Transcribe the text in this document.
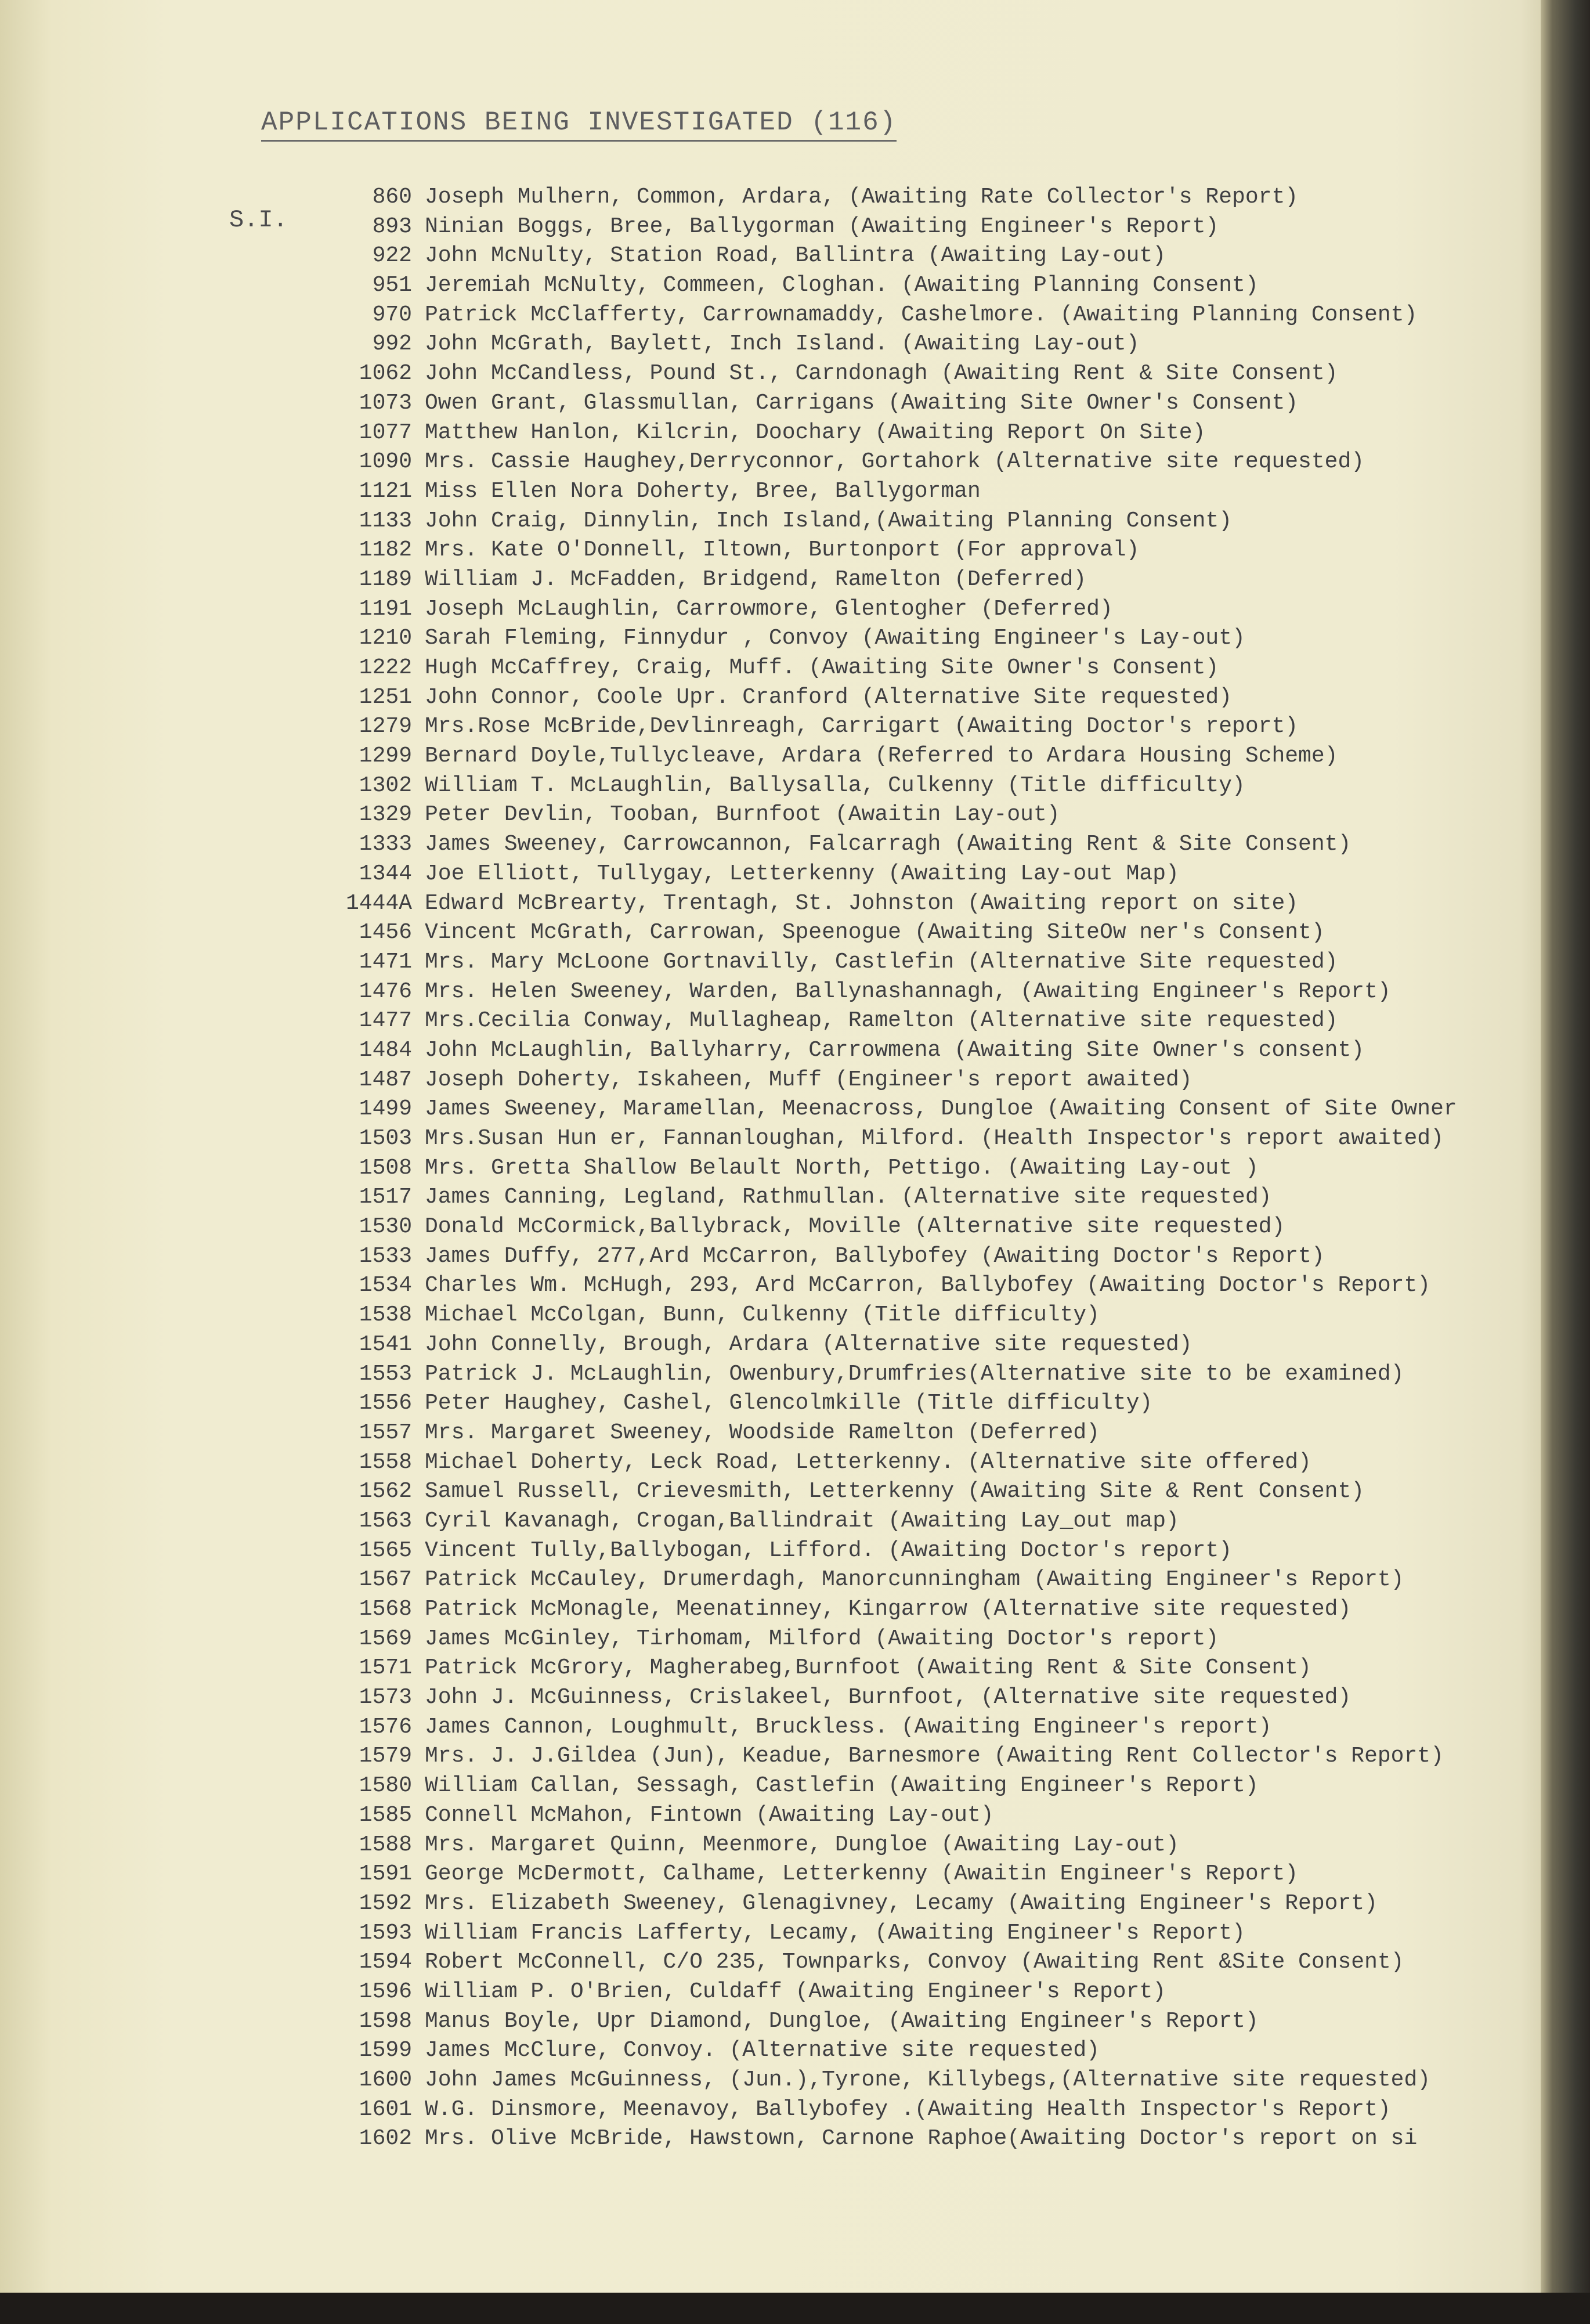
APPLICATIONS BEING INVESTIGATED (116)
S.I.
860 Joseph Mulhern, Common, Ardara, (Awaiting Rate Collector's Report)
893 Ninian Boggs, Bree, Ballygorman (Awaiting Engineer's Report)
922 John McNulty, Station Road, Ballintra (Awaiting Lay-out)
951 Jeremiah McNulty, Commeen, Cloghan. (Awaiting Planning Consent)
970 Patrick McClafferty, Carrownamaddy, Cashelmore. (Awaiting Planning Consent)
992 John McGrath, Baylett, Inch Island. (Awaiting Lay-out)
1062 John McCandless, Pound St., Carndonagh (Awaiting Rent & Site Consent)
1073 Owen Grant, Glassmullan, Carrigans (Awaiting Site Owner's Consent)
1077 Matthew Hanlon, Kilcrin, Doochary (Awaiting Report On Site)
1090 Mrs. Cassie Haughey,Derryconnor, Gortahork (Alternative site requested)
1121 Miss Ellen Nora Doherty, Bree, Ballygorman
1133 John Craig, Dinnylin, Inch Island,(Awaiting Planning Consent)
1182 Mrs. Kate O'Donnell, Iltown, Burtonport (For approval)
1189 William J. McFadden, Bridgend, Ramelton (Deferred)
1191 Joseph McLaughlin, Carrowmore, Glentogher (Deferred)
1210 Sarah Fleming, Finnydur , Convoy (Awaiting Engineer's Lay-out)
1222 Hugh McCaffrey, Craig, Muff. (Awaiting Site Owner's Consent)
1251 John Connor, Coole Upr. Cranford (Alternative Site requested)
1279 Mrs.Rose McBride,Devlinreagh, Carrigart (Awaiting Doctor's report)
1299 Bernard Doyle,Tullycleave, Ardara (Referred to Ardara Housing Scheme)
1302 William T. McLaughlin, Ballysalla, Culkenny (Title difficulty)
1329 Peter Devlin, Tooban, Burnfoot (Awaitin Lay-out)
1333 James Sweeney, Carrowcannon, Falcarragh (Awaiting Rent & Site Consent)
1344 Joe Elliott, Tullygay, Letterkenny (Awaiting Lay-out Map)
1444A Edward McBrearty, Trentagh, St. Johnston (Awaiting report on site)
1456 Vincent McGrath, Carrowan, Speenogue (Awaiting SiteOw ner's Consent)
1471 Mrs. Mary McLoone Gortnavilly, Castlefin (Alternative Site requested)
1476 Mrs. Helen Sweeney, Warden, Ballynashannagh, (Awaiting Engineer's Report)
1477 Mrs.Cecilia Conway, Mullagheap, Ramelton (Alternative site requested)
1484 John McLaughlin, Ballyharry, Carrowmena (Awaiting Site Owner's consent)
1487 Joseph Doherty, Iskaheen, Muff (Engineer's report awaited)
1499 James Sweeney, Maramellan, Meenacross, Dungloe (Awaiting Consent of Site Owner
1503 Mrs.Susan Hun er, Fannanloughan, Milford. (Health Inspector's report awaited)
1508 Mrs. Gretta Shallow Belault North, Pettigo. (Awaiting Lay-out )
1517 James Canning, Legland, Rathmullan. (Alternative site requested)
1530 Donald McCormick,Ballybrack, Moville (Alternative site requested)
1533 James Duffy, 277,Ard McCarron, Ballybofey (Awaiting Doctor's Report)
1534 Charles Wm. McHugh, 293, Ard McCarron, Ballybofey (Awaiting Doctor's Report)
1538 Michael McColgan, Bunn, Culkenny (Title difficulty)
1541 John Connelly, Brough, Ardara (Alternative site requested)
1553 Patrick J. McLaughlin, Owenbury,Drumfries(Alternative site to be examined)
1556 Peter Haughey, Cashel, Glencolmkille (Title difficulty)
1557 Mrs. Margaret Sweeney, Woodside Ramelton (Deferred)
1558 Michael Doherty, Leck Road, Letterkenny. (Alternative site offered)
1562 Samuel Russell, Crievesmith, Letterkenny (Awaiting Site & Rent Consent)
1563 Cyril Kavanagh, Crogan,Ballindrait (Awaiting Lay_out map)
1565 Vincent Tully,Ballybogan, Lifford. (Awaiting Doctor's report)
1567 Patrick McCauley, Drumerdagh, Manorcunningham (Awaiting Engineer's Report)
1568 Patrick McMonagle, Meenatinney, Kingarrow (Alternative site requested)
1569 James McGinley, Tirhomam, Milford (Awaiting Doctor's report)
1571 Patrick McGrory, Magherabeg,Burnfoot (Awaiting Rent & Site Consent)
1573 John J. McGuinness, Crislakeel, Burnfoot, (Alternative site requested)
1576 James Cannon, Loughmult, Bruckless. (Awaiting Engineer's report)
1579 Mrs. J. J.Gildea (Jun), Keadue, Barnesmore (Awaiting Rent Collector's Report)
1580 William Callan, Sessagh, Castlefin (Awaiting Engineer's Report)
1585 Connell McMahon, Fintown (Awaiting Lay-out)
1588 Mrs. Margaret Quinn, Meenmore, Dungloe (Awaiting Lay-out)
1591 George McDermott, Calhame, Letterkenny (Awaitin Engineer's Report)
1592 Mrs. Elizabeth Sweeney, Glenagivney, Lecamy (Awaiting Engineer's Report)
1593 William Francis Lafferty, Lecamy, (Awaiting Engineer's Report)
1594 Robert McConnell, C/O 235, Townparks, Convoy (Awaiting Rent &Site Consent)
1596 William P. O'Brien, Culdaff (Awaiting Engineer's Report)
1598 Manus Boyle, Upr Diamond, Dungloe, (Awaiting Engineer's Report)
1599 James McClure, Convoy. (Alternative site requested)
1600 John James McGuinness, (Jun.),Tyrone, Killybegs,(Alternative site requested)
1601 W.G. Dinsmore, Meenavoy, Ballybofey .(Awaiting Health Inspector's Report)
1602 Mrs. Olive McBride, Hawstown, Carnone Raphoe(Awaiting Doctor's report on si
